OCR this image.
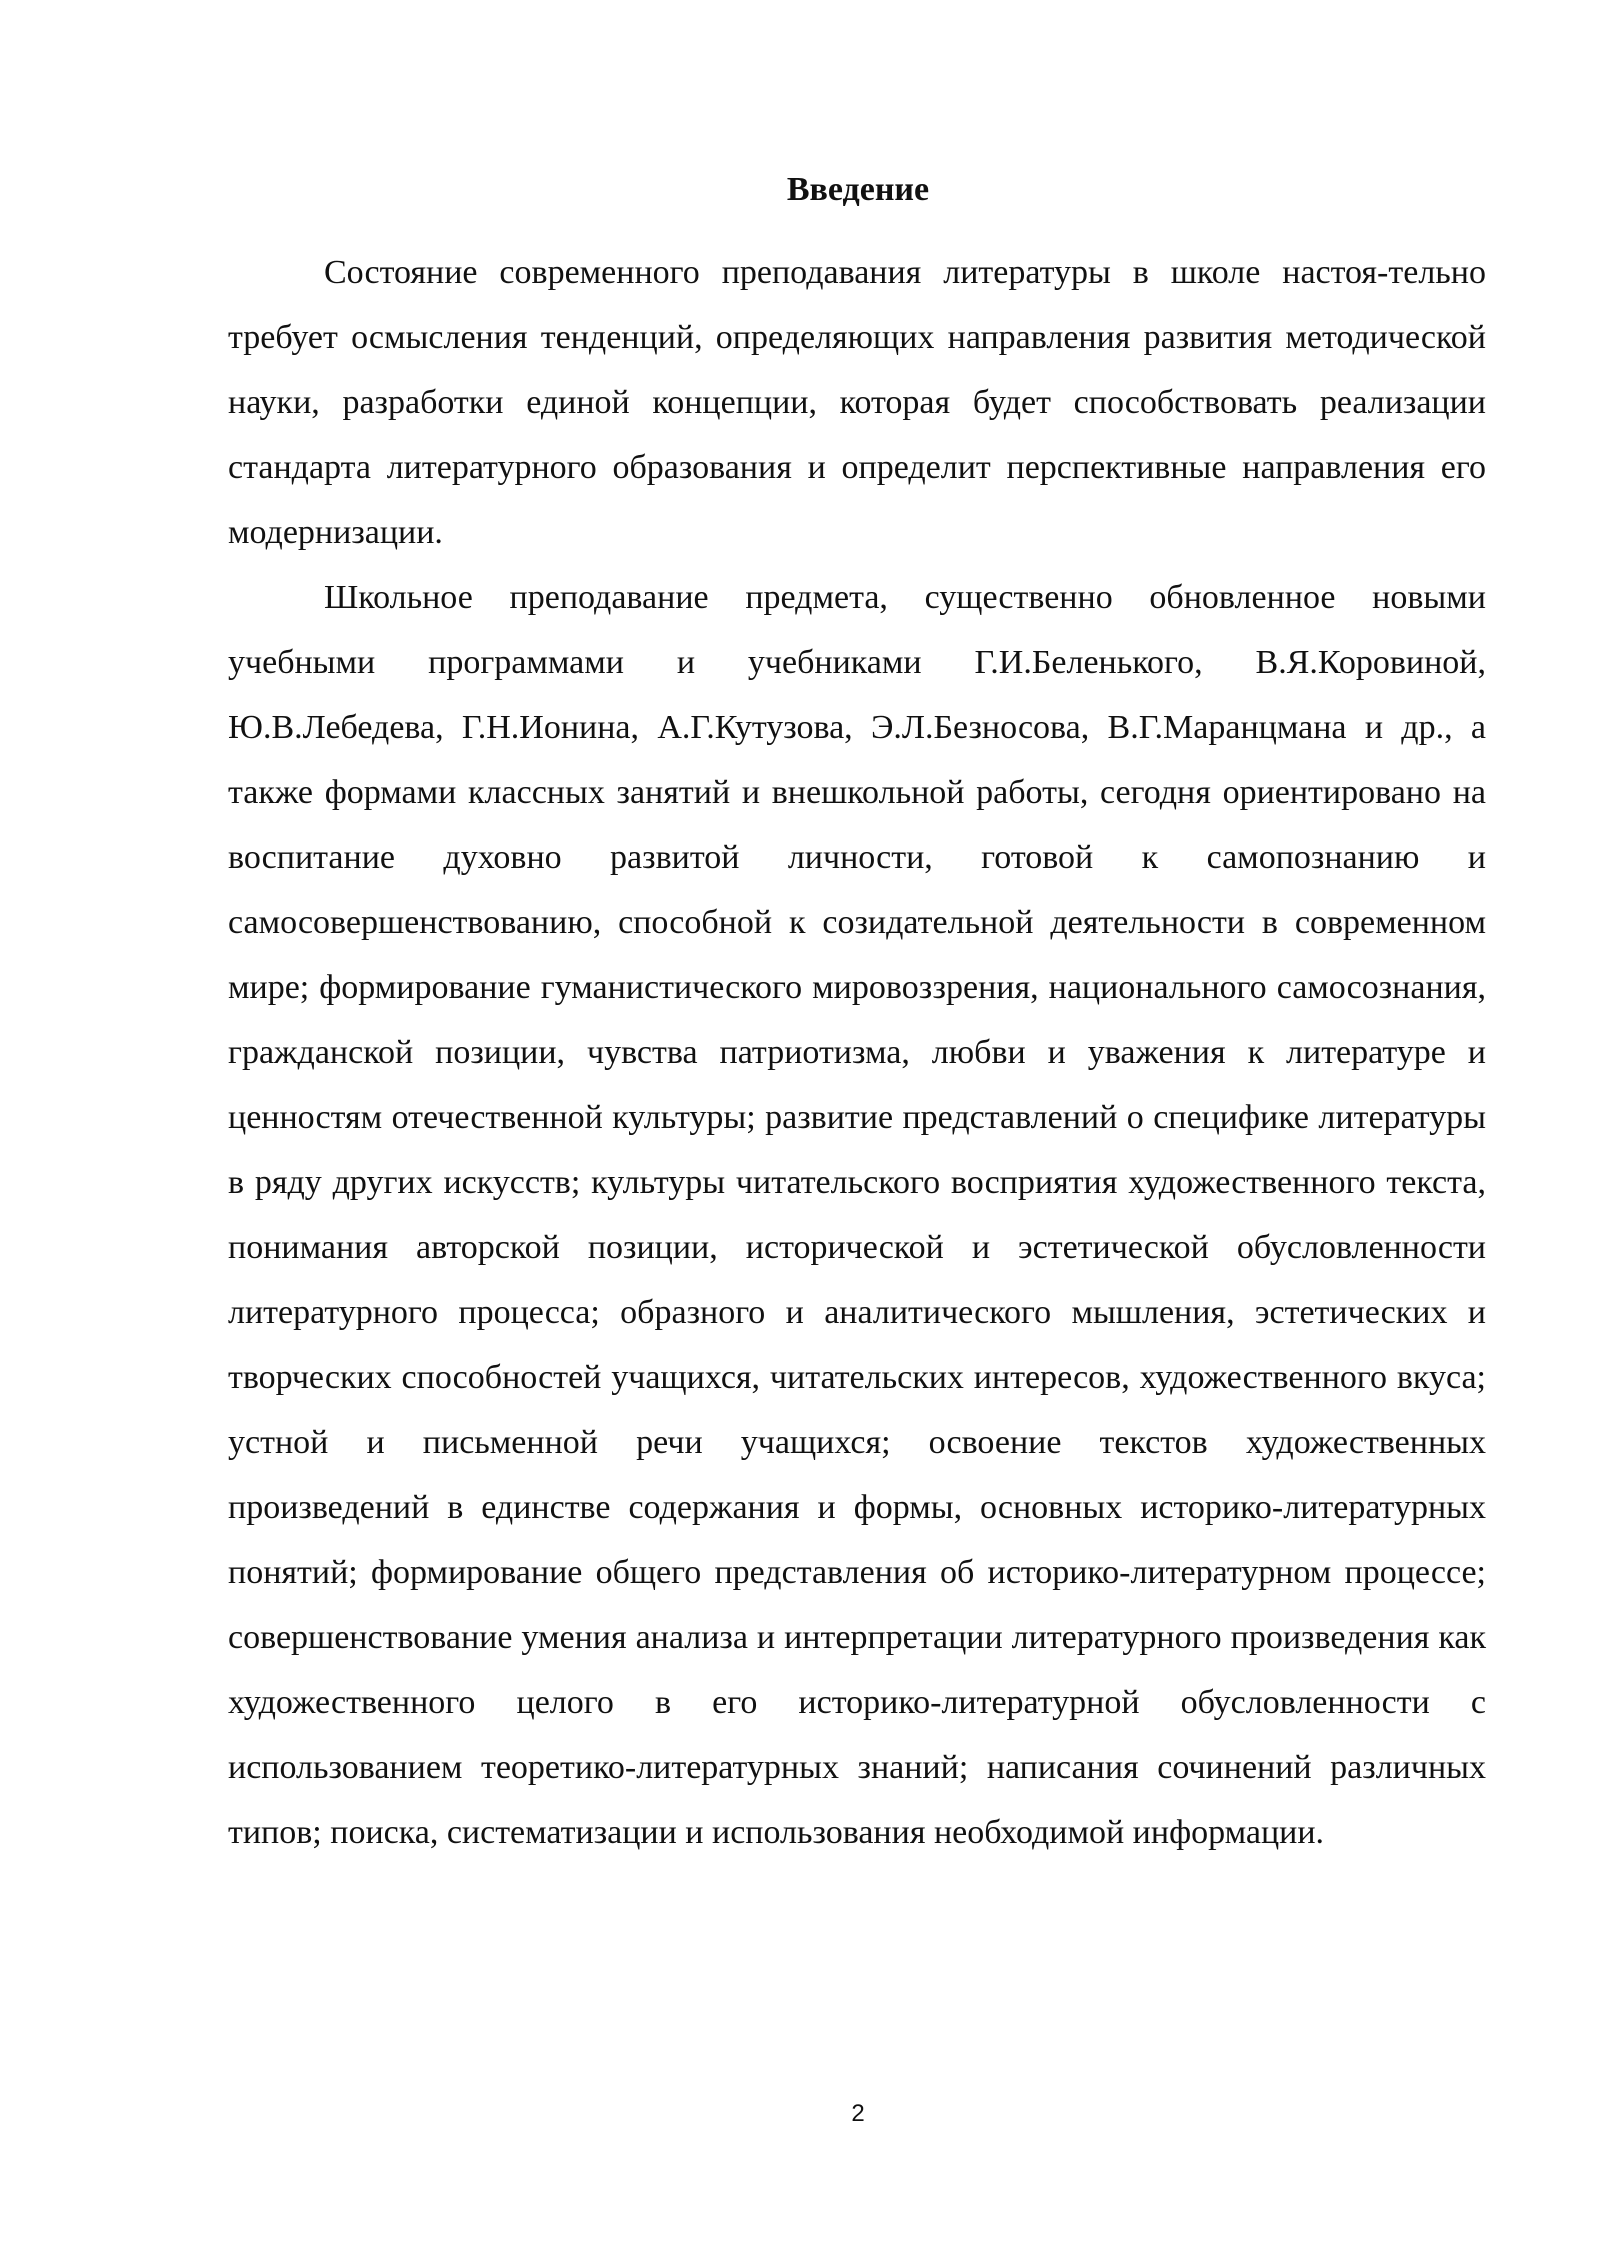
Введение

Состояние современного преподавания литературы в школе настоя-тельно требует осмысления тенденций, определяющих направления развития методической науки, разработки единой концепции, которая будет способствовать реализации стандарта литературного образования и определит перспективные направления его модернизации.

Школьное преподавание предмета, существенно обновленное новыми учебными программами и учебниками Г.И.Беленького, В.Я.Коровиной, Ю.В.Лебедева, Г.Н.Ионина, А.Г.Кутузова, Э.Л.Безносова, В.Г.Маранцмана и др., а также формами классных занятий и внешкольной работы, сегодня ориентировано на воспитание духовно развитой личности, готовой к самопознанию и самосовершенствованию, способной к созидательной деятельности в современном мире; формирование гуманистического мировоззрения, национального самосознания, гражданской позиции, чувства патриотизма, любви и уважения к литературе и ценностям отечественной культуры; развитие представлений о специфике литературы в ряду других искусств; культуры читательского восприятия художественного текста, понимания авторской позиции, исторической и эстетической обусловленности литературного процесса; образного и аналитического мышления, эстетических и творческих способностей учащихся, читательских интересов, художественного вкуса; устной и письменной речи учащихся; освоение текстов художественных произведений в единстве содержания и формы, основных историко-литературных понятий; формирование общего представления об историко-литературном процессе; совершенствование умения анализа и интерпретации литературного произведения как художественного целого в его историко-литературной обусловленности с использованием теоретико-литературных знаний; написания сочинений различных типов; поиска, систематизации и использования необходимой информации.

2
